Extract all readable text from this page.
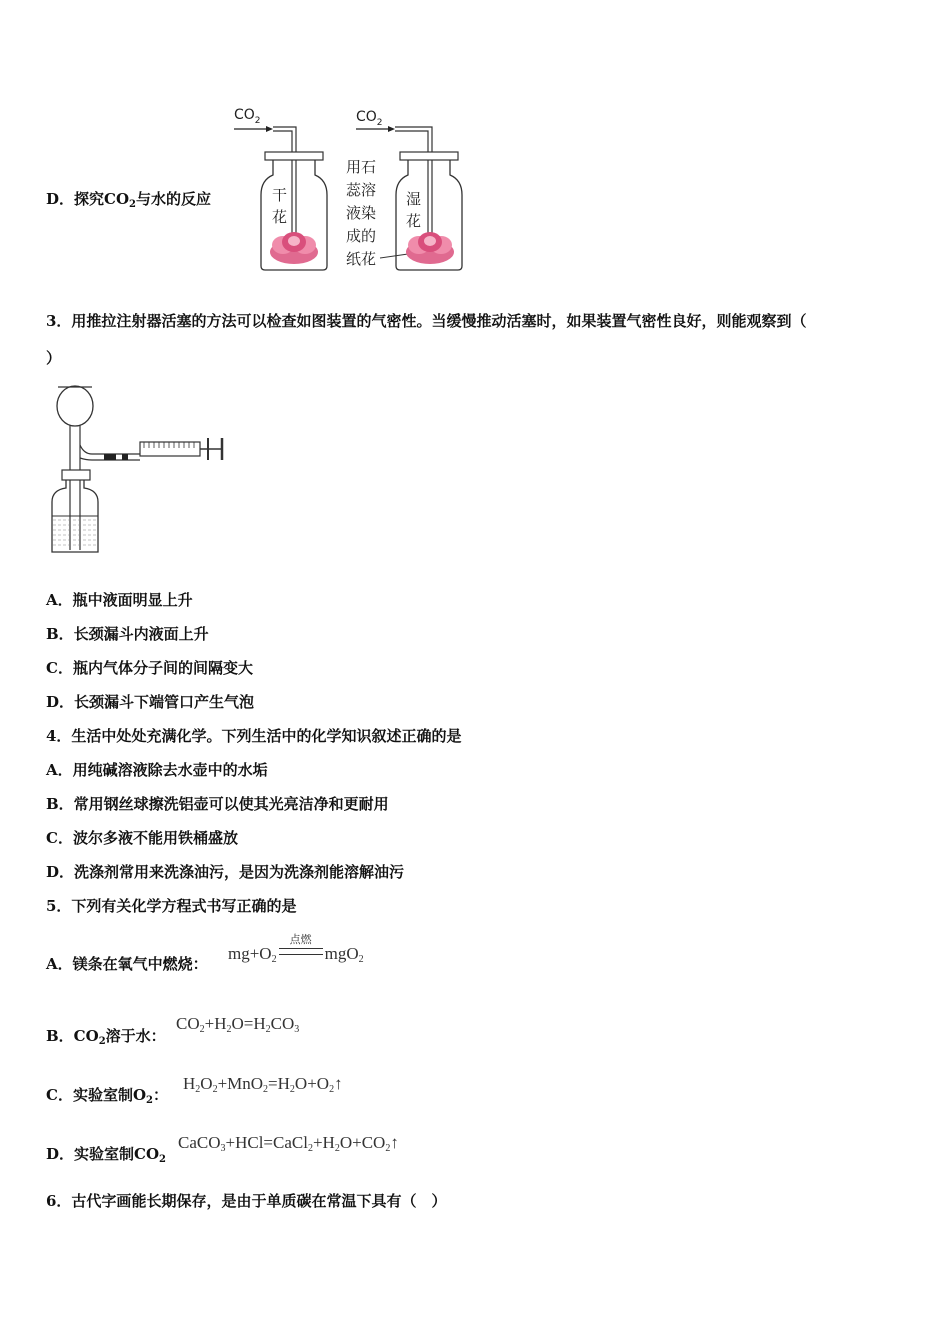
D．探究$CO_2$与水的反应
$CO_2$
干
花
用石
蕊溶
液染
成的
纸花
$CO_2$
湿
花
3．用推拉注射器活塞的方法可以检查如图装置的气密性。当缓慢推动活塞时，如果装置气密性良好，则能观察到（
）
A．瓶中液面明显上升
B．长颈漏斗内液面上升
C．瓶内气体分子间的间隔变大
D．长颈漏斗下端管口产生气泡
4．生活中处处充满化学。下列生活中的化学知识叙述正确的是
A．用纯碱溶液除去水壶中的水垢
B．常用钢丝球擦洗铝壶可以使其光亮洁净和更耐用
C．波尔多液不能用铁桶盛放
D．洗涤剂常用来洗涤油污，是因为洗涤剂能溶解油污
5．下列有关化学方程式书写正确的是
A．镁条在氧气中燃烧：
$mg+O_2$
点燃
mgO$_2$
B．$CO_2$溶于水：
$CO_2+H_2O=H_2CO_3$
C．实验室制$O_2$：
$H_2O_2+MnO_2=H_2O+O_2↑$
D．实验室制$CO_2$
$CaCO_3+HCl=CaCl_2+H_2O+CO_2↑$
6．古代字画能长期保存，是由于单质碳在常温下具有（　）
